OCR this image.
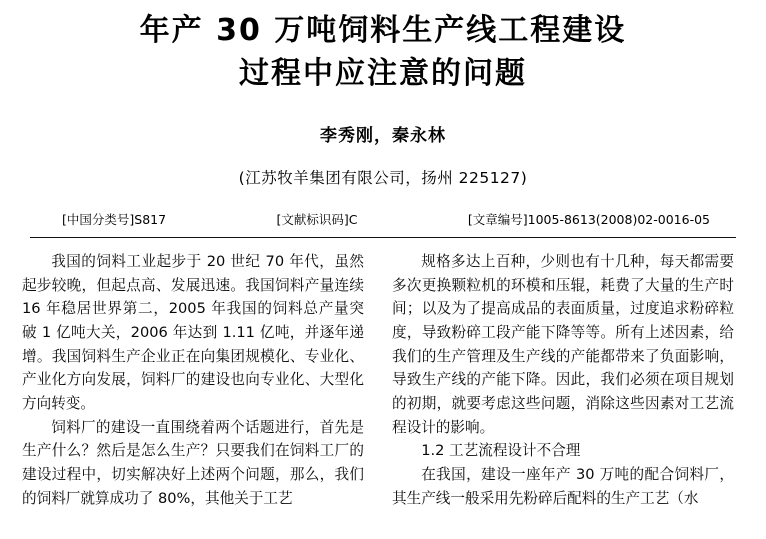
年产 30 万吨饲料生产线工程建设
过程中应注意的问题
李秀刚，秦永林
(江苏牧羊集团有限公司，扬州 225127)
[中国分类号]S817	[文献标识码]C	[文章编号]1005-8613(2008)02-0016-05

我国的饲料工业起步于 20 世纪 70 年代，虽然起步较晚，但起点高、发展迅速。我国饲料产量连续 16 年稳居世界第二，2005 年我国的饲料总产量突破 1 亿吨大关，2006 年达到 1.11 亿吨，并逐年递增。我国饲料生产企业正在向集团规模化、专业化、产业化方向发展，饲料厂的建设也向专业化、大型化方向转变。

饲料厂的建设一直围绕着两个话题进行，首先是生产什么？然后是怎么生产？只要我们在饲料工厂的建设过程中，切实解决好上述两个问题，那么，我们的饲料厂就算成功了 80%，其他关于工艺

规格多达上百种，少则也有十几种，每天都需要多次更换颗粒机的环模和压辊，耗费了大量的生产时间；以及为了提高成品的表面质量，过度追求粉碎粒度，导致粉碎工段产能下降等等。所有上述因素，给我们的生产管理及生产线的产能都带来了负面影响，导致生产线的产能下降。因此，我们必须在项目规划的初期，就要考虑这些问题，消除这些因素对工艺流程设计的影响。

1.2 工艺流程设计不合理

在我国，建设一座年产 30 万吨的配合饲料厂，其生产线一般采用先粉碎后配料的生产工艺（水
